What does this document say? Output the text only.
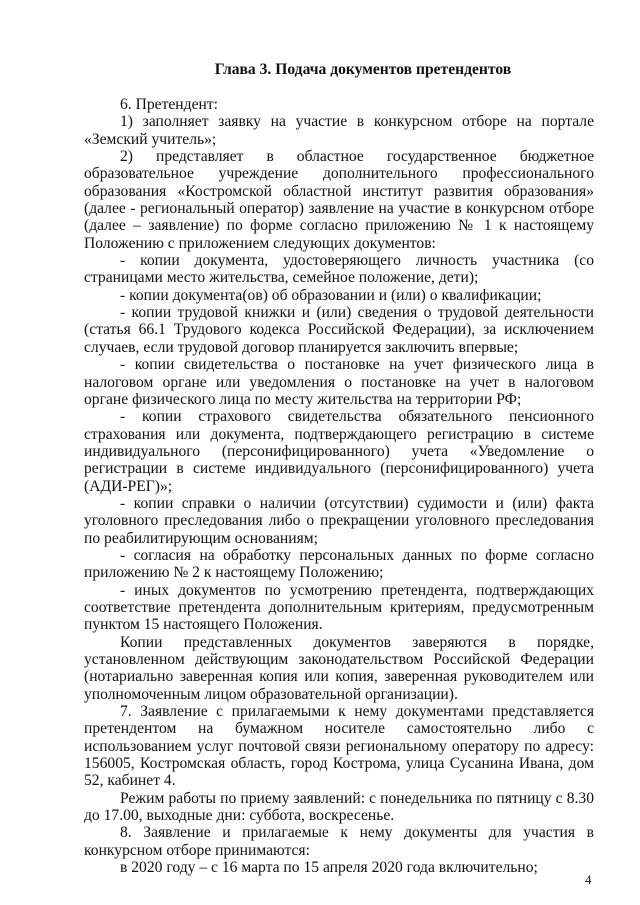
Глава 3. Подача документов претендентов

6. Претендент:

1) заполняет заявку на участие в конкурсном отборе на портале «Земский учитель»;

2) представляет в областное государственное бюджетное образовательное учреждение дополнительного профессионального образования «Костромской областной институт развития образования» (далее - региональный оператор) заявление на участие в конкурсном отборе (далее – заявление) по форме согласно приложению № 1 к настоящему Положению с приложением следующих документов:

- копии документа, удостоверяющего личность участника (со страницами место жительства, семейное положение, дети);

- копии документа(ов) об образовании и (или) о квалификации;

- копии трудовой книжки и (или) сведения о трудовой деятельности (статья 66.1 Трудового кодекса Российской Федерации), за исключением случаев, если трудовой договор планируется заключить впервые;

- копии свидетельства о постановке на учет физического лица в налоговом органе или уведомления о постановке на учет в налоговом органе физического лица по месту жительства на территории РФ;

- копии страхового свидетельства обязательного пенсионного страхования или документа, подтверждающего регистрацию в системе индивидуального (персонифицированного) учета «Уведомление о регистрации в системе индивидуального (персонифицированного) учета (АДИ-РЕГ)»;

- копии справки о наличии (отсутствии) судимости и (или) факта уголовного преследования либо о прекращении уголовного преследования по реабилитирующим основаниям;

- согласия на обработку персональных данных по форме согласно приложению № 2 к настоящему Положению;

- иных документов по усмотрению претендента, подтверждающих соответствие претендента дополнительным критериям, предусмотренным пунктом 15 настоящего Положения.

Копии представленных документов заверяются в порядке, установленном действующим законодательством Российской Федерации (нотариально заверенная копия или копия, заверенная руководителем или уполномоченным лицом образовательной организации).

7. Заявление с прилагаемыми к нему документами представляется претендентом на бумажном носителе самостоятельно либо с использованием услуг почтовой связи региональному оператору по адресу: 156005, Костромская область, город Кострома, улица Сусанина Ивана, дом 52, кабинет 4.

Режим работы по приему заявлений: с понедельника по пятницу с 8.30 до 17.00, выходные дни: суббота, воскресенье.

8. Заявление и прилагаемые к нему документы для участия в конкурсном отборе принимаются:

в 2020 году – с 16 марта по 15 апреля 2020 года включительно;

4
